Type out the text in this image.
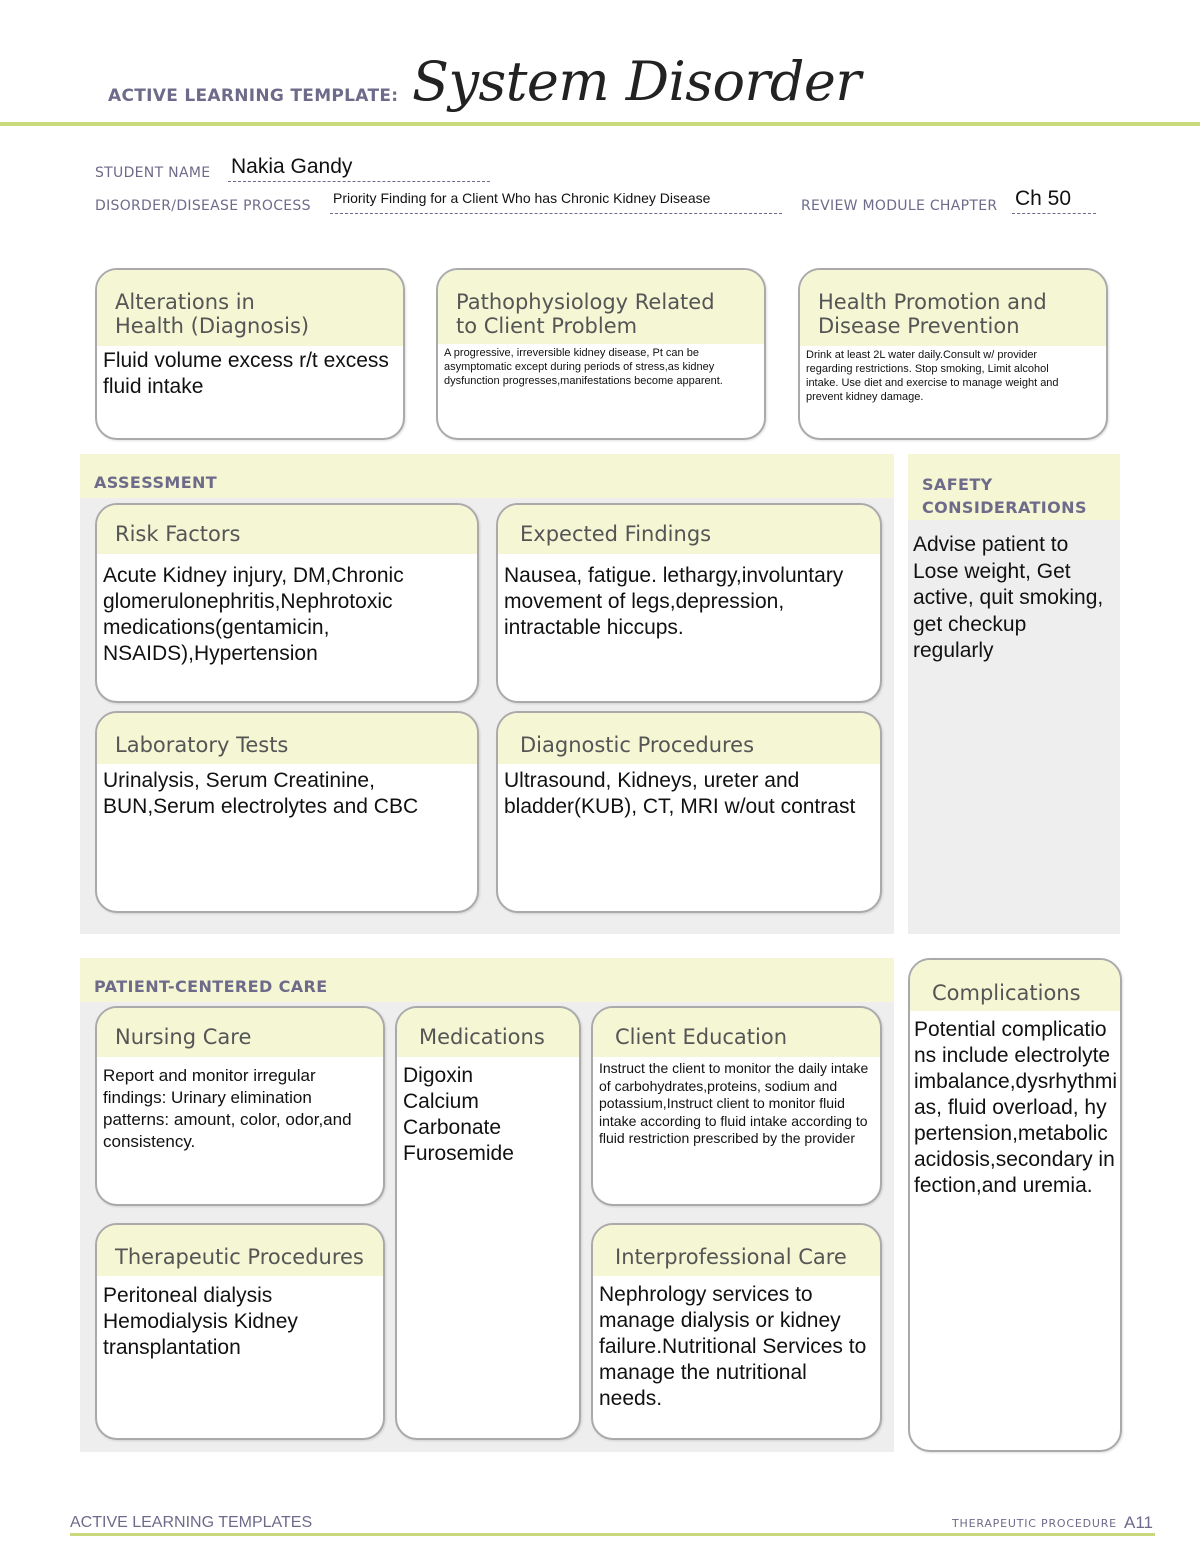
ACTIVE LEARNING TEMPLATE: System Disorder
STUDENT NAME Nakia Gandy
DISORDER/DISEASE PROCESS Priority Finding for a Client Who has Chronic Kidney Disease	REVIEW MODULE CHAPTER Ch 50
Alterations in
Health (Diagnosis)
Fluid volume excess r/t excess fluid intake
Pathophysiology Related
to Client Problem
A progressive, irreversible kidney disease, Pt can be asymptomatic except during periods of stress,as kidney dysfunction progresses,manifestations become apparent.
Health Promotion and
Disease Prevention
Drink at least 2L water daily.Consult w/ provider regarding restrictions. Stop smoking, Limit alcohol intake. Use diet and exercise to manage weight and prevent kidney damage.
ASSESSMENT
Risk Factors
Acute Kidney injury, DM,Chronic glomerulonephritis,Nephrotoxic medications(gentamicin, NSAIDS),Hypertension
Expected Findings
Nausea, fatigue. lethargy,involuntary movement of legs,depression, intractable hiccups.
Laboratory Tests
Urinalysis, Serum Creatinine, BUN,Serum electrolytes and CBC
Diagnostic Procedures
Ultrasound, Kidneys, ureter and bladder(KUB), CT, MRI w/out contrast
SAFETY
CONSIDERATIONS
Advise patient to Lose weight, Get active, quit smoking, get checkup regularly
PATIENT-CENTERED CARE
Nursing Care
Report and monitor irregular findings: Urinary elimination patterns: amount, color, odor,and consistency.
Medications
Digoxin Calcium Carbonate Furosemide
Client Education
Instruct the client to monitor the daily intake of carbohydrates,proteins, sodium and potassium,Instruct client to monitor fluid intake according to fluid intake according to fluid restriction prescribed by the provider
Therapeutic Procedures
Peritoneal dialysis Hemodialysis Kidney transplantation
Interprofessional Care
Nephrology services to manage dialysis or kidney failure.Nutritional Services to manage the nutritional needs.
Complications
Potential complications include electrolyte imbalance,dysrhythmias, fluid overload, hypertension,metabolic acidosis,secondary infection,and uremia.
ACTIVE LEARNING TEMPLATES	THERAPEUTIC PROCEDURE A11
